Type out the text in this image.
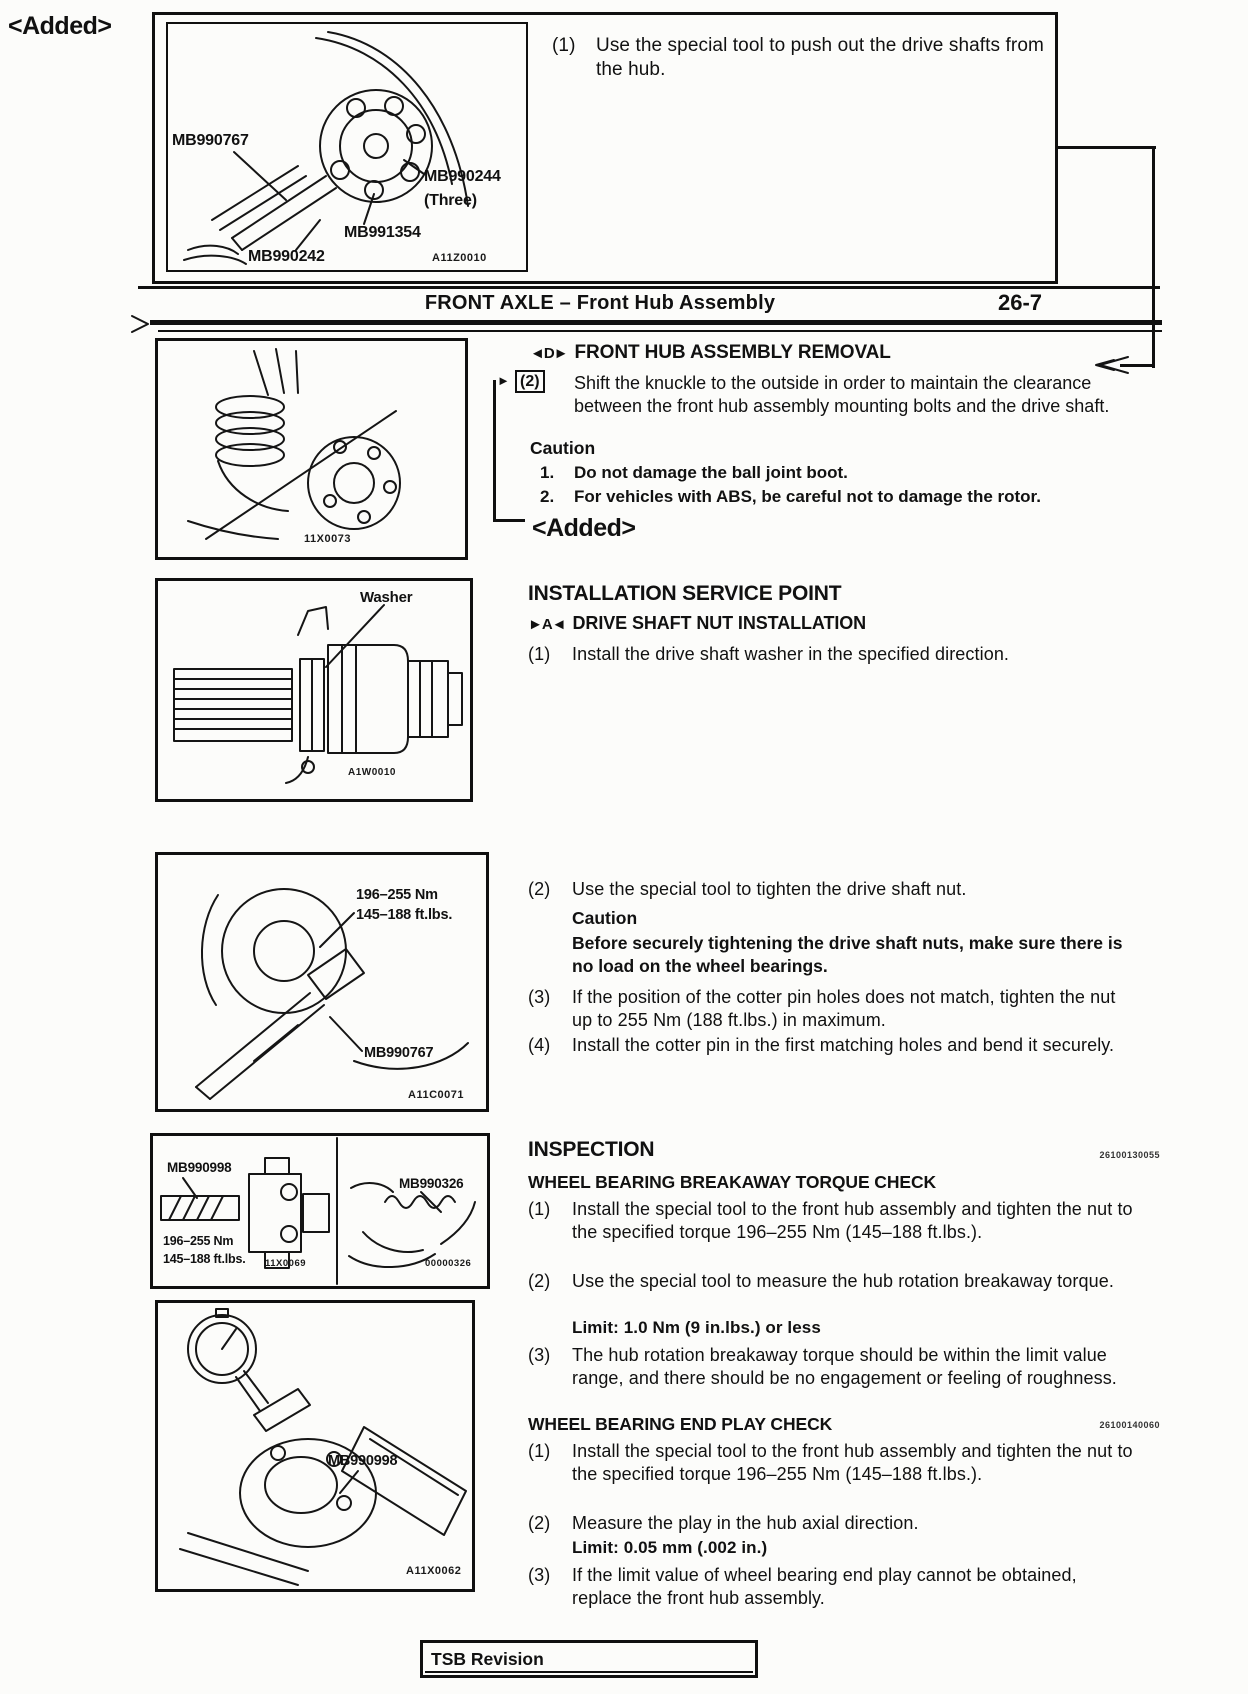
<Added>
MB990767
MB990244
(Three)
MB991354
MB990242	A11Z0010
(1)	Use the special tool to push out the drive shafts from the hub.
FRONT AXLE – Front Hub Assembly	26-7
11X0073
◄D► FRONT HUB ASSEMBLY REMOVAL
► (2) Shift the knuckle to the outside in order to maintain the clearance between the front hub assembly mounting bolts and the drive shaft.
Caution
1.	Do not damage the ball joint boot.
2.	For vehicles with ABS, be careful not to damage the rotor.
<Added>
Washer
A1W0010
INSTALLATION SERVICE POINT
►A◄ DRIVE SHAFT NUT INSTALLATION
(1)	Install the drive shaft washer in the specified direction.
196–255 Nm
145–188 ft.lbs.
MB990767
A11C0071
(2)	Use the special tool to tighten the drive shaft nut.
Caution
Before securely tightening the drive shaft nuts, make sure there is no load on the wheel bearings.
(3)	If the position of the cotter pin holes does not match, tighten the nut up to 255 Nm (188 ft.lbs.) in maximum.
(4)	Install the cotter pin in the first matching holes and bend it securely.
MB990998
MB990326
196–255 Nm
145–188 ft.lbs. 11X0069	00000326
INSPECTION	26100130055
WHEEL BEARING BREAKAWAY TORQUE CHECK
(1)	Install the special tool to the front hub assembly and tighten the nut to the specified torque 196–255 Nm (145–188 ft.lbs.).
(2)	Use the special tool to measure the hub rotation breakaway torque.
Limit: 1.0 Nm (9 in.lbs.) or less
(3)	The hub rotation breakaway torque should be within the limit value range, and there should be no engagement or feeling of roughness.
WHEEL BEARING END PLAY CHECK	26100140060
(1)	Install the special tool to the front hub assembly and tighten the nut to the specified torque 196–255 Nm (145–188 ft.lbs.).
(2)	Measure the play in the hub axial direction.
Limit: 0.05 mm (.002 in.)
(3)	If the limit value of wheel bearing end play cannot be obtained, replace the front hub assembly.
MB990998
A11X0062
TSB Revision
